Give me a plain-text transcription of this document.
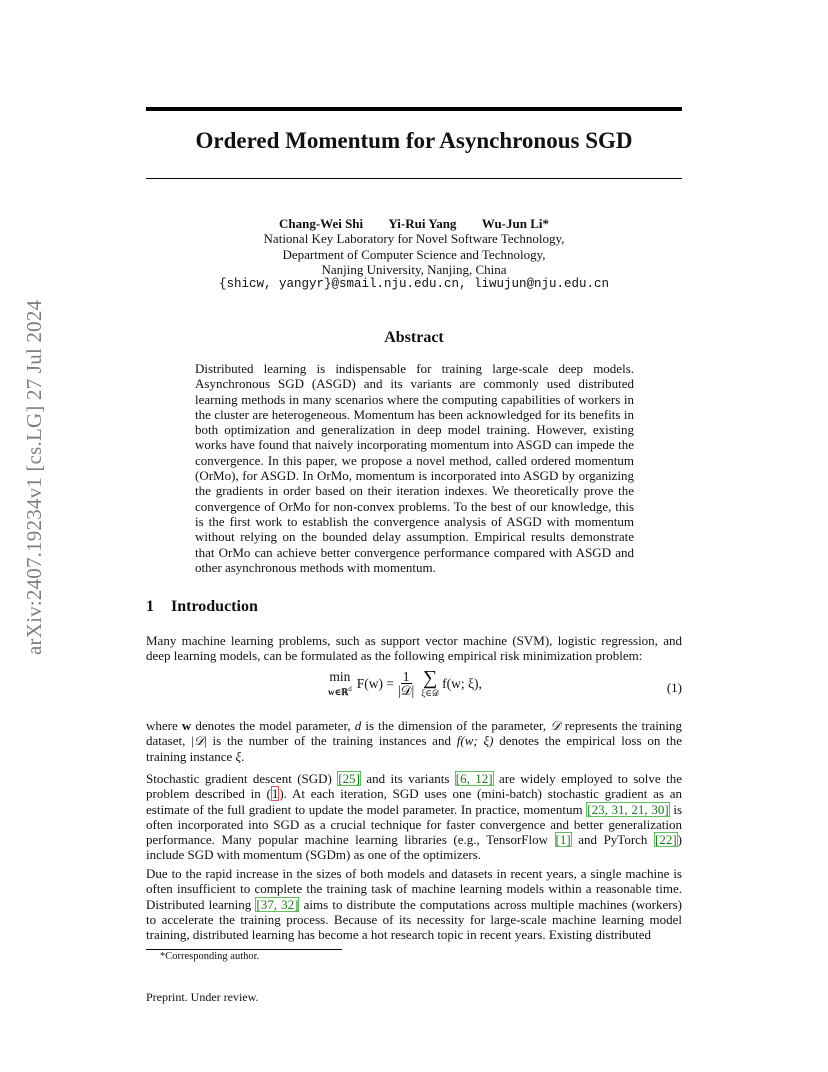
arXiv:2407.19234v1 [cs.LG] 27 Jul 2024
Ordered Momentum for Asynchronous SGD
Chang-Wei Shi Yi-Rui Yang Wu-Jun Li*
National Key Laboratory for Novel Software Technology,
Department of Computer Science and Technology,
Nanjing University, Nanjing, China
{shicw, yangyr}@smail.nju.edu.cn, liwujun@nju.edu.cn
Abstract
Distributed learning is indispensable for training large-scale deep models. Asynchronous SGD (ASGD) and its variants are commonly used distributed learning methods in many scenarios where the computing capabilities of workers in the cluster are heterogeneous. Momentum has been acknowledged for its benefits in both optimization and generalization in deep model training. However, existing works have found that naively incorporating momentum into ASGD can impede the convergence. In this paper, we propose a novel method, called ordered momentum (OrMo), for ASGD. In OrMo, momentum is incorporated into ASGD by organizing the gradients in order based on their iteration indexes. We theoretically prove the convergence of OrMo for non-convex problems. To the best of our knowledge, this is the first work to establish the convergence analysis of ASGD with momentum without relying on the bounded delay assumption. Empirical results demonstrate that OrMo can achieve better convergence performance compared with ASGD and other asynchronous methods with momentum.
1 Introduction

Many machine learning problems, such as support vector machine (SVM), logistic regression, and deep learning models, can be formulated as the following empirical risk minimization problem:

min
w∈ℝ$^d$ $F(w) = \frac{1}{\text{|𝒟|}}$ ∑
ξ∈𝒟
f(w; ξ),	(1)

where w denotes the model parameter, d is the dimension of the parameter, 𝒟 represents the training dataset, |𝒟| is the number of the training instances and f(w; ξ) denotes the empirical loss on the training instance ξ.

Stochastic gradient descent (SGD) [25] and its variants [6, 12] are widely employed to solve the problem described in (1). At each iteration, SGD uses one (mini-batch) stochastic gradient as an estimate of the full gradient to update the model parameter. In practice, momentum [23, 31, 21, 30] is often incorporated into SGD as a crucial technique for faster convergence and better generalization performance. Many popular machine learning libraries (e.g., TensorFlow [1] and PyTorch [22]) include SGD with momentum (SGDm) as one of the optimizers.

Due to the rapid increase in the sizes of both models and datasets in recent years, a single machine is often insufficient to complete the training task of machine learning models within a reasonable time. Distributed learning [37, 32] aims to distribute the computations across multiple machines (workers) to accelerate the training process. Because of its necessity for large-scale machine learning model training, distributed learning has become a hot research topic in recent years. Existing distributed

*Corresponding author.
Preprint. Under review.
